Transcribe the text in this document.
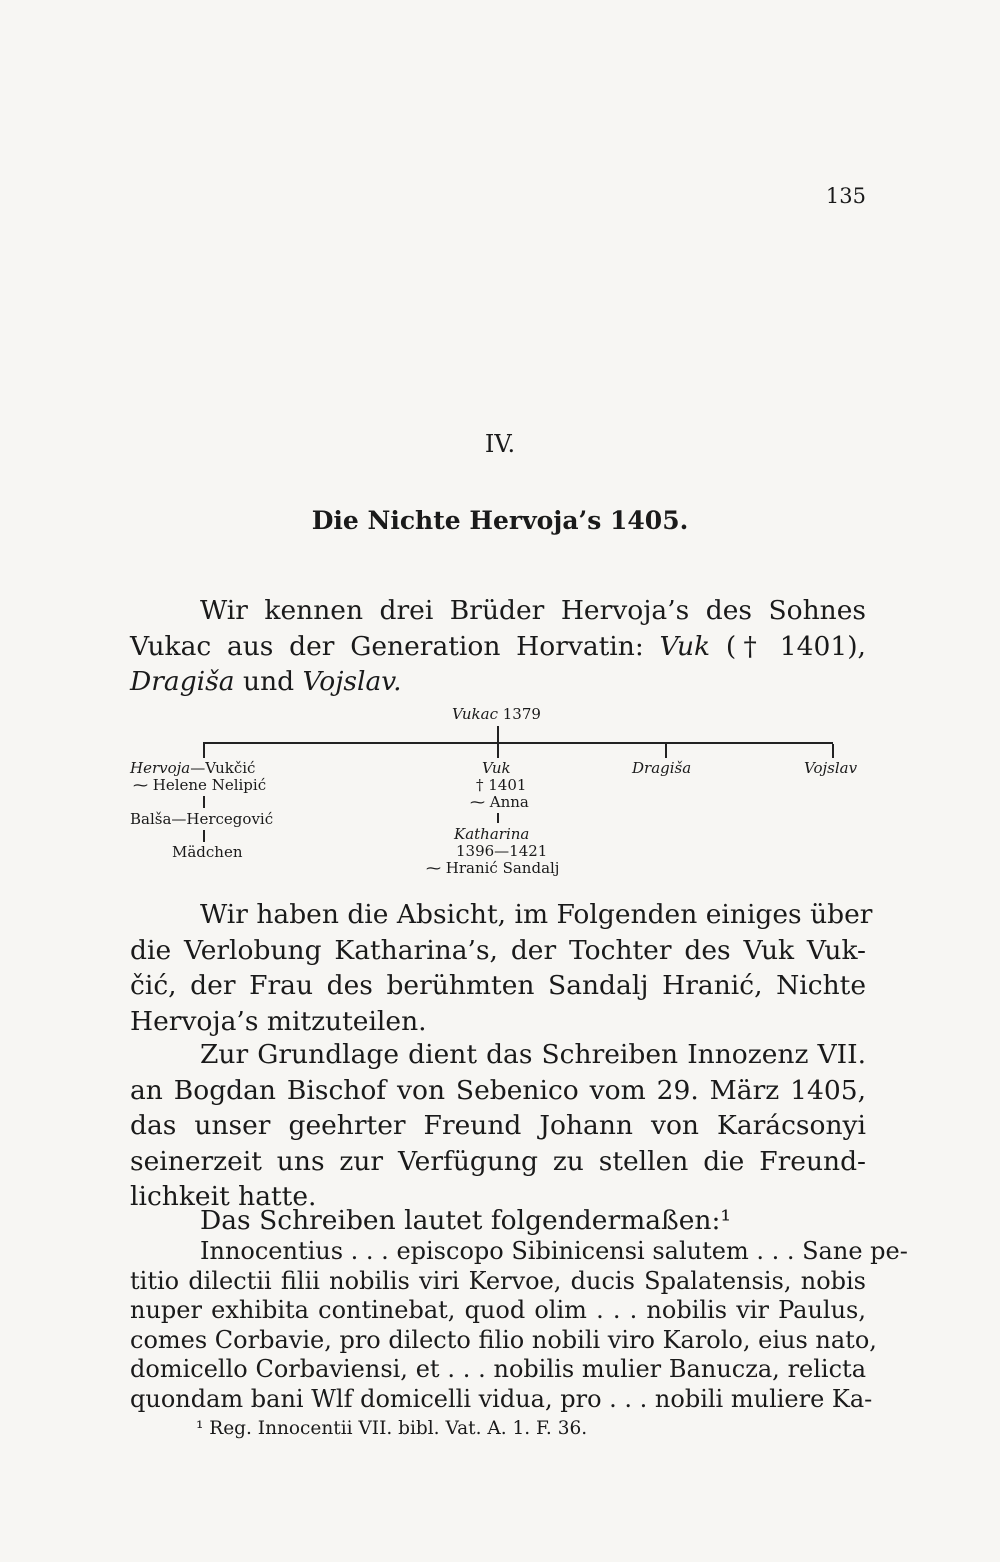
135
IV.
Die Nichte Hervoja’s 1405.
Wir kennen drei Brüder Hervoja’s des Sohnes
Vukac aus der Generation Horvatin: Vuk († 1401),
Dragiša und Vojslav.
Vukac 1379
Hervoja—Vukčić
⁓ Helene Nelipić
Balša—Hercegović
Mädchen
Vuk
† 1401
⁓ Anna
Katharina
1396—1421
⁓ Hranić Sandalj
Dragiša	Vojslav
Wir haben die Absicht, im Folgenden einiges über
die Verlobung Katharina’s, der Tochter des Vuk Vuk-
čić, der Frau des berühmten Sandalj Hranić, Nichte
Hervoja’s mitzuteilen.
Zur Grundlage dient das Schreiben Innozenz VII.
an Bogdan Bischof von Sebenico vom 29. März 1405,
das unser geehrter Freund Johann von Karácsonyi
seinerzeit uns zur Verfügung zu stellen die Freund-
lichkeit hatte.
Das Schreiben lautet folgendermaßen:¹
Innocentius . . . episcopo Sibinicensi salutem . . . Sane pe-
titio dilectii filii nobilis viri Kervoe, ducis Spalatensis, nobis
nuper exhibita continebat, quod olim . . . nobilis vir Paulus,
comes Corbavie, pro dilecto filio nobili viro Karolo, eius nato,
domicello Corbaviensi, et . . . nobilis mulier Banucza, relicta
quondam bani Wlf domicelli vidua, pro . . . nobili muliere Ka-
¹ Reg. Innocentii VII. bibl. Vat. A. 1. F. 36.
